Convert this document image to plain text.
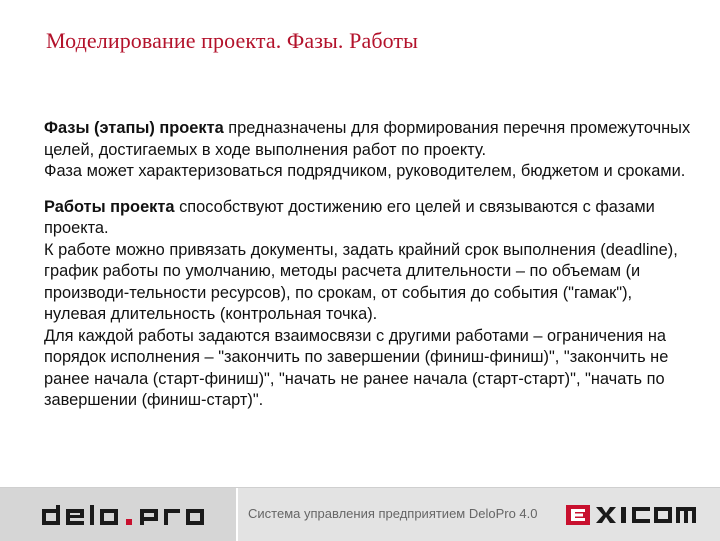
Моделирование проекта. Фазы. Работы

Фазы (этапы) проекта предназначены для формирования перечня промежуточных целей, достигаемых в ходе выполнения работ по проекту.

Фаза может характеризоваться подрядчиком, руководителем, бюджетом и сроками.

Работы проекта способствуют достижению его целей и связываются с фазами проекта.

К работе можно привязать документы, задать крайний срок выполнения (deadline),

график работы по умолчанию, методы расчета длительности – по объемам (и производи-тельности ресурсов), по срокам, от события до события ("гамак"), нулевая длительность (контрольная точка).

Для каждой работы задаются взаимосвязи с другими работами – ограничения на порядок исполнения – "закончить по завершении (финиш-финиш)", "закончить не ранее начала (старт-финиш)", "начать не ранее начала (старт-старт)", "начать по завершении (финиш-старт)".

Система управления предприятием DeloPro 4.0
